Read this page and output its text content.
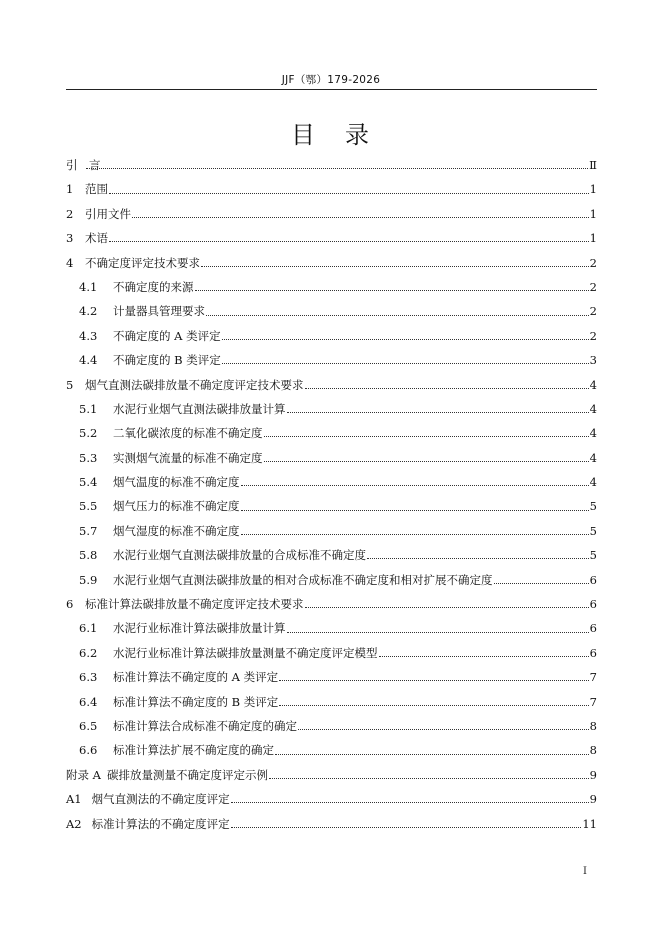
JJF（鄂）179-2026
目 录
引　言	Ⅱ
1	范围	1
2	引用文件	1
3	术语	1
4	不确定度评定技术要求	2
4.1	不确定度的来源	2
4.2	计量器具管理要求	2
4.3	不确定度的 A 类评定	2
4.4	不确定度的 B 类评定	3
5	烟气直测法碳排放量不确定度评定技术要求	4
5.1	水泥行业烟气直测法碳排放量计算	4
5.2	二氧化碳浓度的标准不确定度	4
5.3	实测烟气流量的标准不确定度	4
5.4	烟气温度的标准不确定度	4
5.5	烟气压力的标准不确定度	5
5.7	烟气湿度的标准不确定度	5
5.8	水泥行业烟气直测法碳排放量的合成标准不确定度	5
5.9	水泥行业烟气直测法碳排放量的相对合成标准不确定度和相对扩展不确定度	6
6	标准计算法碳排放量不确定度评定技术要求	6
6.1	水泥行业标准计算法碳排放量计算	6
6.2	水泥行业标准计算法碳排放量测量不确定度评定模型	6
6.3	标准计算法不确定度的 A 类评定	7
6.4	标准计算法不确定度的 B 类评定	7
6.5	标准计算法合成标准不确定度的确定	8
6.6	标准计算法扩展不确定度的确定	8
附录 A 碳排放量测量不确定度评定示例	9
A1 烟气直测法的不确定度评定	9
A2 标准计算法的不确定度评定	11
I
